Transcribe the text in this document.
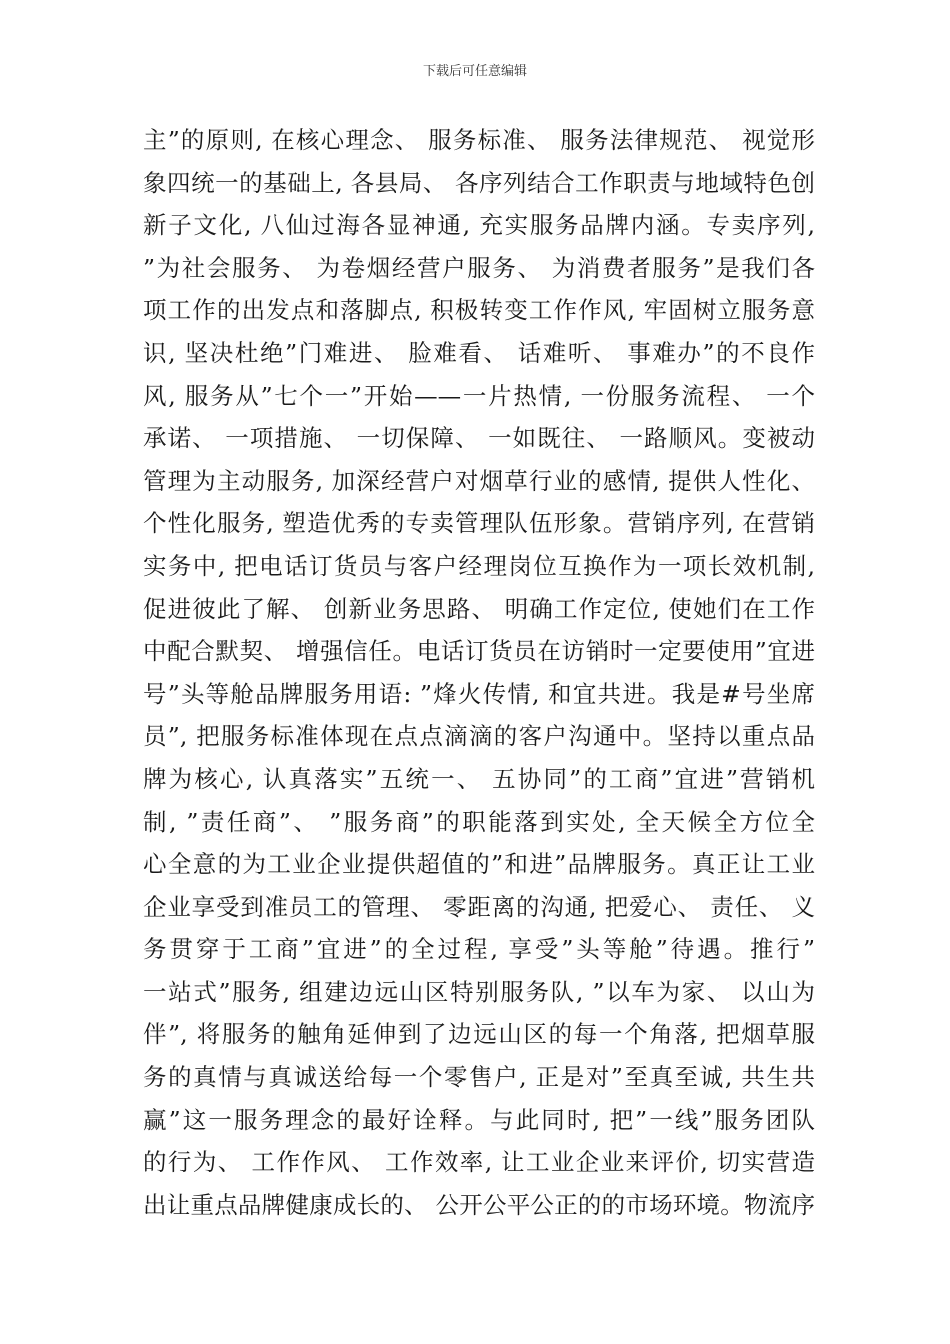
下载后可任意编辑
主”的原则, 在核心理念、 服务标准、 服务法律规范、 视觉形
象四统一的基础上, 各县局、 各序列结合工作职责与地域特色创
新子文化, 八仙过海各显神通, 充实服务品牌内涵。专卖序列,
”为社会服务、 为卷烟经营户服务、 为消费者服务”是我们各
项工作的出发点和落脚点, 积极转变工作作风, 牢固树立服务意
识, 坚决杜绝”门难进、 脸难看、 话难听、 事难办”的不良作
风, 服务从”七个一”开始——一片热情, 一份服务流程、 一个
承诺、 一项措施、 一切保障、 一如既往、 一路顺风。变被动
管理为主动服务, 加深经营户对烟草行业的感情, 提供人性化、
个性化服务, 塑造优秀的专卖管理队伍形象。营销序列, 在营销
实务中, 把电话订货员与客户经理岗位互换作为一项长效机制,
促进彼此了解、 创新业务思路、 明确工作定位, 使她们在工作
中配合默契、 增强信任。电话订货员在访销时一定要使用”宜进
号”头等舱品牌服务用语: ”烽火传情, 和宜共进。我是#号坐席
员”, 把服务标准体现在点点滴滴的客户沟通中。坚持以重点品
牌为核心, 认真落实”五统一、 五协同”的工商”宜进”营销机
制, ”责任商”、 ”服务商”的职能落到实处, 全天候全方位全
心全意的为工业企业提供超值的”和进”品牌服务。真正让工业
企业享受到准员工的管理、 零距离的沟通, 把爱心、 责任、 义
务贯穿于工商”宜进”的全过程, 享受”头等舱”待遇。推行”
一站式”服务, 组建边远山区特别服务队, ”以车为家、 以山为
伴”, 将服务的触角延伸到了边远山区的每一个角落, 把烟草服
务的真情与真诚送给每一个零售户, 正是对”至真至诚, 共生共
赢”这一服务理念的最好诠释。与此同时, 把”一线”服务团队
的行为、 工作作风、 工作效率, 让工业企业来评价, 切实营造
出让重点品牌健康成长的、 公开公平公正的的市场环境。物流序
